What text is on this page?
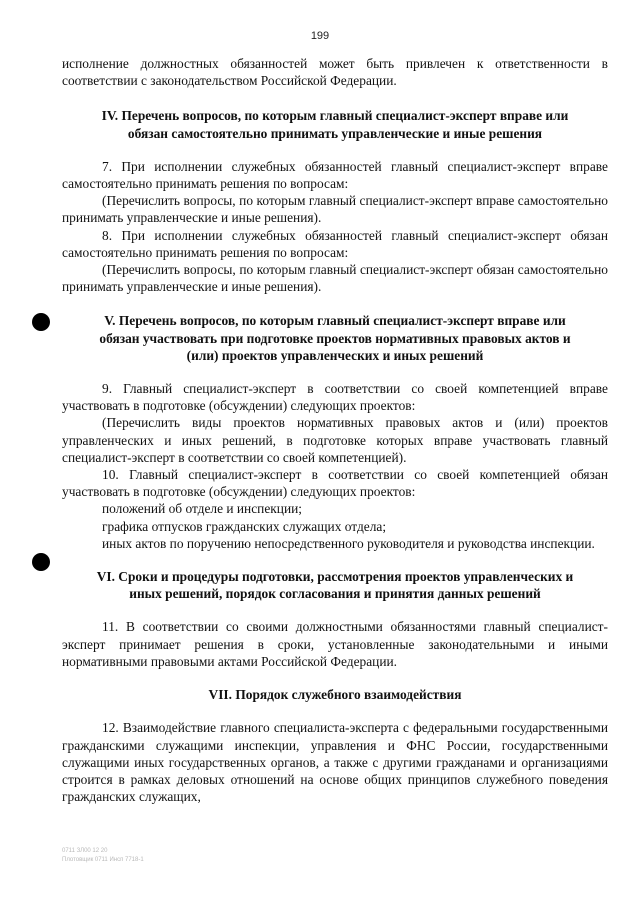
199

исполнение должностных обязанностей может быть привлечен к ответственности в соответствии с законодательством Российской Федерации.

IV. Перечень вопросов, по которым главный специалист-эксперт вправе или
обязан самостоятельно принимать управленческие и иные решения

7. При исполнении служебных обязанностей главный специалист-эксперт вправе самостоятельно принимать решения по вопросам:

(Перечислить вопросы, по которым главный специалист-эксперт вправе самостоятельно принимать управленческие и иные решения).

8. При исполнении служебных обязанностей главный специалист-эксперт обязан самостоятельно принимать решения по вопросам:

(Перечислить вопросы, по которым главный специалист-эксперт обязан самостоятельно принимать управленческие и иные решения).

V. Перечень вопросов, по которым главный специалист-эксперт вправе или
обязан участвовать при подготовке проектов нормативных правовых актов и
(или) проектов управленческих и иных решений

9. Главный специалист-эксперт в соответствии со своей компетенцией вправе участвовать в подготовке (обсуждении) следующих проектов:

(Перечислить виды проектов нормативных правовых актов и (или) проектов управленческих и иных решений, в подготовке которых вправе участвовать главный специалист-эксперт в соответствии со своей компетенцией).

10. Главный специалист-эксперт в соответствии со своей компетенцией обязан участвовать в подготовке (обсуждении) следующих проектов:

положений об отделе и инспекции;

графика отпусков гражданских служащих отдела;

иных актов по поручению непосредственного руководителя и руководства инспекции.

VI. Сроки и процедуры подготовки, рассмотрения проектов управленческих и
иных решений, порядок согласования и принятия данных решений

11. В соответствии со своими должностными обязанностями главный специалист-эксперт принимает решения в сроки, установленные законодательными и иными нормативными правовыми актами Российской Федерации.

VII. Порядок служебного взаимодействия

12. Взаимодействие главного специалиста-эксперта с федеральными государственными гражданскими служащими инспекции, управления и ФНС России, государственными служащими иных государственных органов, а также с другими гражданами и организациями строится в рамках деловых отношений на основе общих принципов служебного поведения гражданских служащих,

0711 ЗЛ00 12 20
Плотовщик 0711 Инсп 7718-1
